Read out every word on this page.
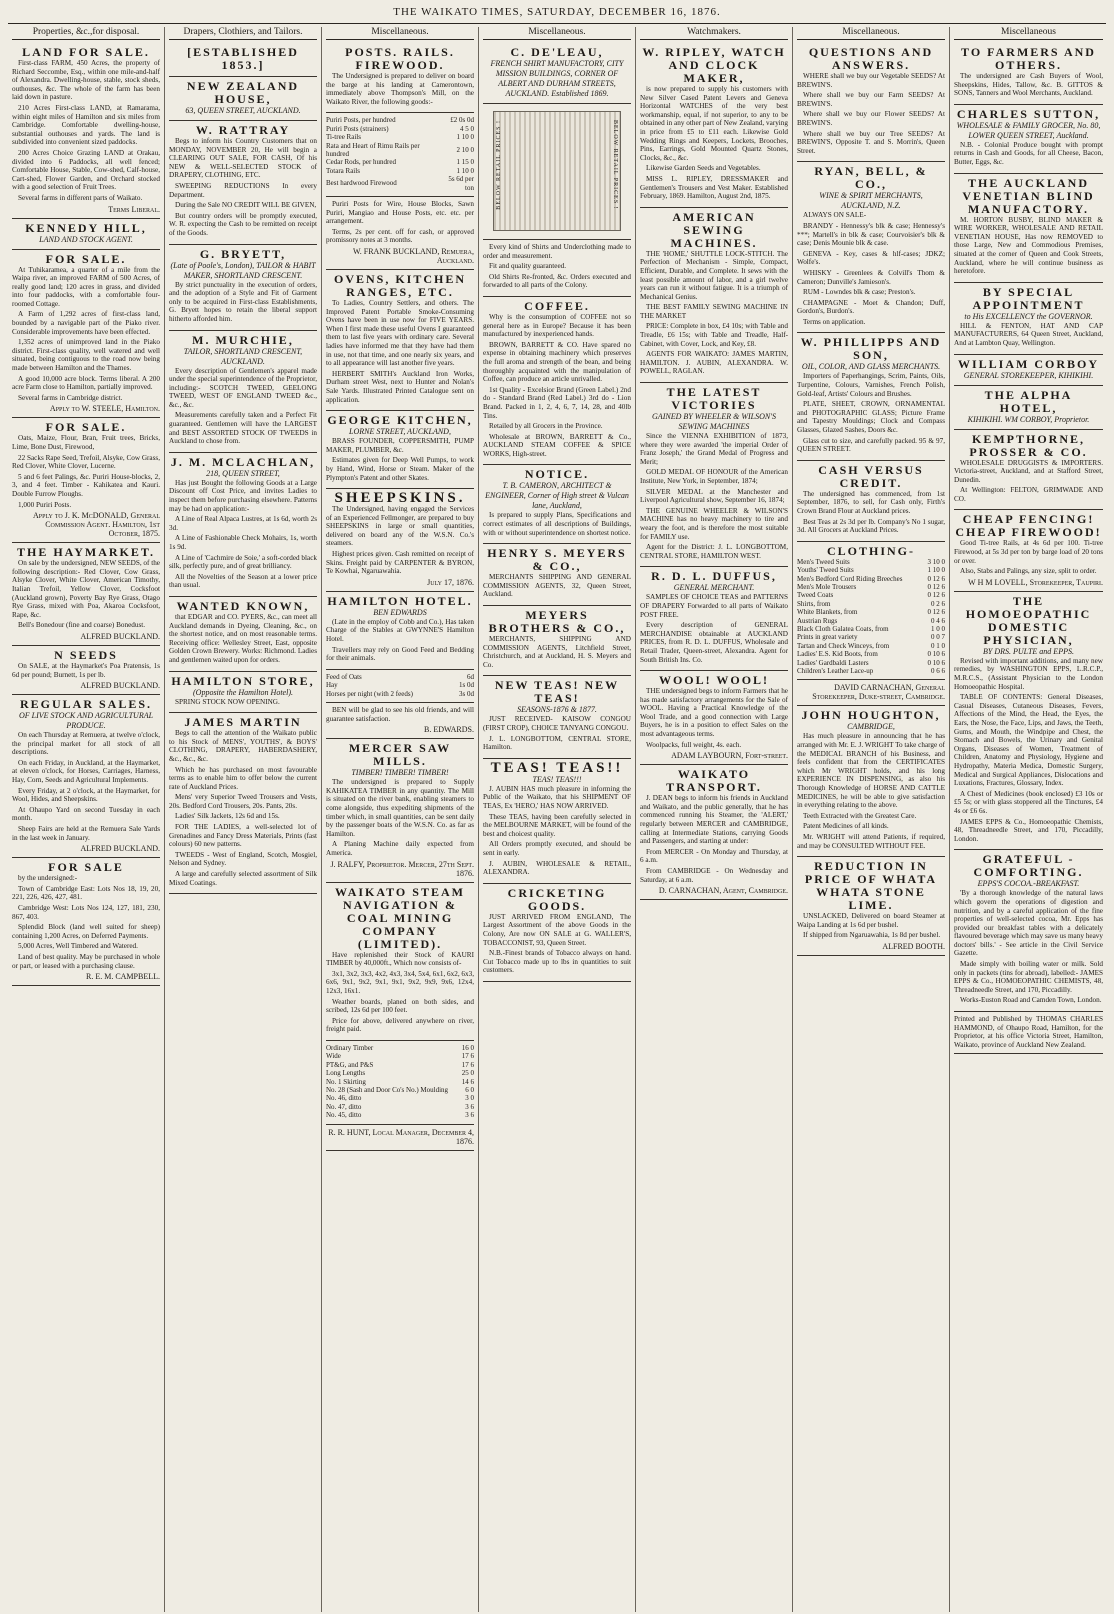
THE WAIKATO TIMES, SATURDAY, DECEMBER 16, 1876.
Properties, &c.,for disposal.
LAND FOR SALE.

First-class FARM, 450 Acres, the property of Richard Seccombe, Esq., within one mile-and-half of Alexandra. Dwelling-house, stable, stock sheds, outhouses, &c. The whole of the farm has been laid down in pasture.

210 Acres First-class LAND, at Ramarama, within eight miles of Hamilton and six miles from Cambridge. Comfortable dwelling-house, substantial outhouses and yards. The land is subdivided into convenient sized paddocks.

200 Acres Choice Grazing LAND at Orakau, divided into 6 Paddocks, all well fenced; Comfortable House, Stable, Cow-shed, Calf-house, Cart-shed, Flower Garden, and Orchard stocked with a good selection of Fruit Trees.

Several farms in different parts of Waikato.

Terms Liberal.
KENNEDY HILL,
LAND AND STOCK AGENT.
FOR SALE.

At Tuhikaramea, a quarter of a mile from the Waipa river, an improved FARM of 500 Acres, of really good land; 120 acres in grass, and divided into four paddocks, with a comfortable four-roomed Cottage.

A Farm of 1,292 acres of first-class land, bounded by a navigable part of the Piako river. Considerable improvements have been effected.

1,352 acres of unimproved land in the Piako district. First-class quality, well watered and well situated, being contiguous to the road now being made between Hamilton and the Thames.

A good 10,000 acre block. Terms liberal. A 200 acre Farm close to Hamilton, partially improved.

Several farms in Cambridge district.

Apply to W. STEELE, Hamilton.
FOR SALE.

Oats, Maize, Flour, Bran, Fruit trees, Bricks, Lime, Bone Dust, Firewood,

22 Sacks Rape Seed, Trefoil, Alsyke, Cow Grass, Red Clover, White Clover, Lucerne.

5 and 6 feet Palings, &c. Puriri House-blocks, 2, 3, and 4 feet. Timber - Kahikatea and Kauri. Double Furrow Ploughs.

1,000 Puriri Posts.

Apply to J. K. McDONALD, General Commission Agent. Hamilton, 1st October, 1875.
THE HAYMARKET.

On sale by the undersigned, NEW SEEDS, of the following description:- Red Clover, Cow Grass, Alsyke Clover, White Clover, American Timothy, Italian Trefoil, Yellow Clover, Cocksfoot (Auckland grown), Poverty Bay Rye Grass, Otago Rye Grass, mixed with Poa, Akaroa Cocksfoot, Rape, &c.

Bell's Bonedour (fine and coarse) Bonedust.

ALFRED BUCKLAND.
N SEEDS

On SALE, at the Haymarket's Poa Pratensis, 1s 6d per pound; Burnett, 1s per lb.

ALFRED BUCKLAND.
REGULAR SALES.
OF LIVE STOCK AND AGRICULTURAL PRODUCE.

On each Thursday at Remuera, at twelve o'clock, the principal market for all stock of all descriptions.

On each Friday, in Auckland, at the Haymarket, at eleven o'clock, for Horses, Carriages, Harness, Hay, Corn, Seeds and Agricultural Implements.

Every Friday, at 2 o'clock, at the Haymarket, for Wool, Hides, and Sheepskins.

At Ohaupo Yard on second Tuesday in each month.

Sheep Fairs are held at the Remuera Sale Yards in the last week in January.

ALFRED BUCKLAND.
FOR SALE

by the undersigned:-

Town of Cambridge East: Lots Nos 18, 19, 20, 221, 226, 426, 427, 481.

Cambridge West: Lots Nos 124, 127, 181, 230, 867, 403.

Splendid Block (land well suited for sheep) containing 1,200 Acres, on Deferred Payments.

5,000 Acres, Well Timbered and Watered.

Land of best quality. May be purchased in whole or part, or leased with a purchasing clause.

R. E. M. CAMPBELL.
Drapers, Clothiers, and Tailors.
[ESTABLISHED 1853.]
NEW ZEALAND HOUSE,
63, QUEEN STREET, AUCKLAND.
W. RATTRAY

Begs to inform his Country Customers that on MONDAY, NOVEMBER 20, He will begin a CLEARING OUT SALE, FOR CASH, Of his NEW & WELL-SELECTED STOCK of DRAPERY, CLOTHING, ETC.

SWEEPING REDUCTIONS In every Department.

During the Sale NO CREDIT WILL BE GIVEN,

But country orders will be promptly executed, W. R. expecting the Cash to be remitted on receipt of the Goods.

G. BRYETT,
(Late of Poole's, London), TAILOR & HABIT MAKER, SHORTLAND CRESCENT.

By strict punctuality in the execution of orders, and the adoption of a Style and Fit of Garment only to be acquired in First-class Establishments, G. Bryett hopes to retain the liberal support hitherto afforded him.

M. MURCHIE,
TAILOR, SHORTLAND CRESCENT, AUCKLAND.

Every description of Gentlemen's apparel made under the special superintendence of the Proprietor, including:- SCOTCH TWEED, GEELONG TWEED, WEST OF ENGLAND TWEED &c., &c., &c.

Measurements carefully taken and a Perfect Fit guaranteed. Gentlemen will have the LARGEST and BEST ASSORTED STOCK OF TWEEDS in Auckland to chose from.

J. M. MCLACHLAN,
218, QUEEN STREET,

Has just Bought the following Goods at a Large Discount off Cost Price, and invites Ladies to inspect them before purchasing elsewhere. Patterns may be had on application:-

A Line of Real Alpaca Lustres, at 1s 6d, worth 2s 3d.

A Line of Fashionable Check Mohairs, 1s, worth 1s 9d.

A Line of 'Cachmire de Soie,' a soft-corded black silk, perfectly pure, and of great brilliancy.

All the Novelties of the Season at a lower price than usual.

WANTED KNOWN,

that EDGAR and CO. PYERS, &c., can meet all Auckland demands in Dyeing, Cleaning, &c., on the shortest notice, and on most reasonable terms. Receiving office: Wellesley Street, East, opposite Golden Crown Brewery. Works: Richmond. Ladies and gentlemen waited upon for orders.

HAMILTON STORE,
(Opposite the Hamilton Hotel).

SPRING STOCK NOW OPENING.

JAMES MARTIN

Begs to call the attention of the Waikato public to his Stock of MENS', YOUTHS', & BOYS' CLOTHING, DRAPERY, HABERDASHERY, &c., &c., &c.

Which he has purchased on most favourable terms as to enable him to offer below the current rate of Auckland Prices.

Mens' very Superior Tweed Trousers and Vests, 20s. Bedford Cord Trousers, 20s. Pants, 20s.

Ladies' Silk Jackets, 12s 6d and 15s.

FOR THE LADIES, a well-selected lot of Grenadines and Fancy Dress Materials, Prints (fast colours) 60 new patterns.

TWEEDS - West of England, Scotch, Mosgiel, Nelson and Sydney.

A large and carefully selected assortment of Silk Mixed Coatings.

Miscellaneous.
POSTS. RAILS. FIREWOOD.

The Undersigned is prepared to deliver on board the barge at his landing at Camerontown, immediately above Thompson's Mill, on the Waikato River, the following goods:-

Puriri Posts, per hundred	£2 0s 0d
Puriri Posts (strainers)	4 5 0
Ti-tree Rails	1 10 0
Rata and Heart of Rimu Rails per hundred	2 10 0
Cedar Rods, per hundred	1 15 0
Totara Rails	1 10 0
Best hardwood Firewood	5s 6d per ton

Puriri Posts for Wire, House Blocks, Sawn Puriri, Mangiao and House Posts, etc. etc. per arrangement.

Terms, 2s per cent. off for cash, or approved promissory notes at 3 months.

W. FRANK BUCKLAND, Remuera, Auckland.
OVENS, KITCHEN RANGES, ETC.

To Ladies, Country Settlers, and others. The Improved Patent Portable Smoke-Consuming Ovens have been in use now for FIVE YEARS. When I first made these useful Ovens I guaranteed them to last five years with ordinary care. Several ladies have informed me that they have had them in use, not that time, and one nearly six years, and to all appearance will last another five years.

HERBERT SMITH's Auckland Iron Works, Durham street West, next to Hunter and Nolan's Sale Yards. Illustrated Printed Catalogue sent on application.

GEORGE KITCHEN,
LORNE STREET, AUCKLAND,

BRASS FOUNDER, COPPERSMITH, PUMP MAKER, PLUMBER, &c.

Estimates given for Deep Well Pumps, to work by Hand, Wind, Horse or Steam. Maker of the Plympton's Patent and other Skates.

SHEEPSKINS.

The Undersigned, having engaged the Services of an Experienced Fellmonger, are prepared to buy SHEEPSKINS in large or small quantities, delivered on board any of the W.S.N. Co.'s steamers.

Highest prices given. Cash remitted on receipt of Skins. Freight paid by CARPENTER & BYRON, Te Kowhai, Ngaruawahia.

July 17, 1876.
HAMILTON HOTEL.
BEN EDWARDS

(Late in the employ of Cobb and Co.), Has taken Charge of the Stables at GWYNNE'S Hamilton Hotel.

Travellers may rely on Good Feed and Bedding for their animals.

Feed of Oats	6d
Hay	1s 0d
Horses per night (with 2 feeds)	3s 0d

BEN will be glad to see his old friends, and will guarantee satisfaction.

B. EDWARDS.
MERCER SAW MILLS.
TIMBER! TIMBER! TIMBER!

The undersigned is prepared to Supply KAHIKATEA TIMBER in any quantity. The Mill is situated on the river bank, enabling steamers to come alongside, thus expediting shipments of the timber which, in small quantities, can be sent daily by the passenger boats of the W.S.N. Co. as far as Hamilton.

A Planing Machine daily expected from America.

J. RALFY, Proprietor. Mercer, 27th Sept. 1876.
WAIKATO STEAM NAVIGATION & COAL MINING COMPANY (LIMITED).

Have replenished their Stock of KAURI TIMBER by 40,000ft., Which now consists of-

3x1, 3x2, 3x3, 4x2, 4x3, 3x4, 5x4, 6x1, 6x2, 6x3, 6x6, 9x1, 9x2, 9x1, 9x1, 9x2, 9x9, 9x6, 12x4, 12x3, 16x1.

Weather boards, planed on both sides, and scribed, 12s 6d per 100 feet.

Price for above, delivered anywhere on river, freight paid.

Ordinary Timber	16 0
Wide	17 6
PT&G, and P&S	17 6
Long Lengths	25 0
No. 1 Skirting	14 6
No. 28 (Sash and Door Co's No.) Moulding	6 0
No. 46, ditto	3 0
No. 47, ditto	3 6
No. 45, ditto	3 6
R. R. HUNT, Local Manager, December 4, 1876.
Miscellaneous.
C. DE'LEAU,
FRENCH SHIRT MANUFACTORY, CITY MISSION BUILDINGS, CORNER OF ALBERT AND DURHAM STREETS, AUCKLAND. Established 1869.
BELOW RETAIL PRICES !	BELOW RETAIL PRICES !

Every kind of Shirts and Underclothing made to order and measurement.

Fit and quality guaranteed.

Old Shirts Re-fronted, &c. Orders executed and forwarded to all parts of the Colony.

COFFEE.

Why is the consumption of COFFEE not so general here as in Europe? Because it has been manufactured by inexperienced hands.

BROWN, BARRETT & CO. Have spared no expense in obtaining machinery which preserves the full aroma and strength of the bean, and being thoroughly acquainted with the manipulation of Coffee, can produce an article unrivalled.

1st Quality - Excelsior Brand (Green Label.) 2nd do - Standard Brand (Red Label.) 3rd do - Lion Brand. Packed in 1, 2, 4, 6, 7, 14, 28, and 40lb Tins.

Retailed by all Grocers in the Province.

Wholesale at BROWN, BARRETT & Co., AUCKLAND STEAM COFFEE & SPICE WORKS, High-street.

NOTICE.
T. B. CAMERON, ARCHITECT & ENGINEER, Corner of High street & Vulcan lane, Auckland,

Is prepared to supply Plans, Specifications and correct estimates of all descriptions of Buildings, with or without superintendence on shortest notice.

HENRY S. MEYERS & CO.,

MERCHANTS SHIPPING AND GENERAL COMMISSION AGENTS, 32, Queen Street, Auckland.

MEYERS BROTHERS & CO.,

MERCHANTS, SHIPPING AND COMMISSION AGENTS, Litchfield Street, Christchurch, and at Auckland, H. S. Meyers and Co.

NEW TEAS! NEW TEAS!
SEASONS-1876 & 1877.

JUST RECEIVED- KAISOW CONGOU (FIRST CROP), CHOICE TANYANG CONGOU.

J. L. LONGBOTTOM, CENTRAL STORE, Hamilton.

TEAS! TEAS!!
TEAS! TEAS!!!

J. AUBIN HAS much pleasure in informing the Public of the Waikato, that his SHIPMENT OF TEAS, Ex 'HERO,' HAS NOW ARRIVED.

These TEAS, having been carefully selected in the MELBOURNE MARKET, will be found of the best and choicest quality.

All Orders promptly executed, and should be sent in early.

J. AUBIN, WHOLESALE & RETAIL, ALEXANDRA.

CRICKETING GOODS.

JUST ARRIVED FROM ENGLAND, The Largest Assortment of the above Goods in the Colony, Are now ON SALE at G. WALLER'S, TOBACCONIST, 93, Queen Street.

N.B.-Finest brands of Tobacco always on hand. Cut Tobacco made up to lbs in quantities to suit customers.

Watchmakers.
W. RIPLEY, WATCH AND CLOCK MAKER,

is now prepared to supply his customers with New Silver Cased Patent Levers and Geneva Horizontal WATCHES of the very best workmanship, equal, if not superior, to any to be obtained in any other part of New Zealand, varying in price from £5 to £11 each. Likewise Gold Wedding Rings and Keepers, Lockets, Brooches, Pins, Earrings, Gold Mounted Quartz Stones, Clocks, &c., &c.

Likewise Garden Seeds and Vegetables.

MISS L. RIPLEY, DRESSMAKER and Gentlemen's Trousers and Vest Maker. Established February, 1869. Hamilton, August 2nd, 1875.

AMERICAN SEWING MACHINES.

THE 'HOME,' SHUTTLE LOCK-STITCH. The Perfection of Mechanism - Simple, Compact, Efficient, Durable, and Complete. It sews with the least possible amount of labor, and a girl twelve years can run it without fatigue. It is a triumph of Mechanical Genius.

THE BEST FAMILY SEWING MACHINE IN THE MARKET

PRICE: Complete in box, £4 10s; with Table and Treadle, £6 15s; with Table and Treadle, Half-Cabinet, with Cover, Lock, and Key, £8.

AGENTS FOR WAIKATO: JAMES MARTIN, HAMILTON. J. AUBIN, ALEXANDRA. W. POWELL, RAGLAN.

THE LATEST VICTORIES
GAINED BY WHEELER & WILSON'S SEWING MACHINES

Since the VIENNA EXHIBITION of 1873, where they were awarded 'the imperial Order of Franz Joseph,' the Grand Medal of Progress and Merit;

GOLD MEDAL OF HONOUR of the American Institute, New York, in September, 1874;

SILVER MEDAL at the Manchester and Liverpool Agricultural show, September 16, 1874;

THE GENUINE WHEELER & WILSON'S MACHINE has no heavy machinery to tire and weary the foot, and is therefore the most suitable for FAMILY use.

Agent for the District: J. L. LONGBOTTOM, CENTRAL STORE, HAMILTON WEST.

R. D. L. DUFFUS,
GENERAL MERCHANT.

SAMPLES OF CHOICE TEAS and PATTERNS OF DRAPERY Forwarded to all parts of Waikato POST FREE.

Every description of GENERAL MERCHANDISE obtainable at AUCKLAND PRICES, from R. D. L. DUFFUS, Wholesale and Retail Trader, Queen-street, Alexandra. Agent for South British Ins. Co.

WOOL! WOOL!

THE undersigned begs to inform Farmers that he has made satisfactory arrangements for the Sale of WOOL. Having a Practical Knowledge of the Wool Trade, and a good connection with Large Buyers, he is in a position to effect Sales on the most advantageous terms.

Woolpacks, full weight, 4s. each.

ADAM LAYBOURN, Fort-street.
WAIKATO TRANSPORT.

J. DEAN begs to inform his friends in Auckland and Waikato, and the public generally, that he has commenced running his Steamer, the 'ALERT,' regularly between MERCER and CAMBRIDGE, calling at Intermediate Stations, carrying Goods and Passengers, and starting at under:

From MERCER - On Monday and Thursday, at 6 a.m.

From CAMBRIDGE - On Wednesday and Saturday, at 6 a.m.

D. CARNACHAN, Agent, Cambridge.
Miscellaneous.
QUESTIONS AND ANSWERS.

WHERE shall we buy our Vegetable SEEDS? At BREWIN'S.

Where shall we buy our Farm SEEDS? At BREWIN'S.

Where shall we buy our Flower SEEDS? At BREWIN'S.

Where shall we buy our Tree SEEDS? At BREWIN'S, Opposite T. and S. Morrin's, Queen Street.

RYAN, BELL, & CO.,
WINE & SPIRIT MERCHANTS, AUCKLAND, N.Z.

ALWAYS ON SALE-

BRANDY - Hennessy's blk & case; Hennessy's ***; Martell's in blk & case; Courvoisier's blk & case; Denis Mounie blk & case.

GENEVA - Key, cases & hlf-cases; JDKZ; Wolfe's.

WHISKY - Greenlees & Colvill's Thom & Cameron; Dunville's Jamieson's.

RUM - Lowndes blk & case; Preston's.

CHAMPAGNE - Moet & Chandon; Duff, Gordon's, Burdon's.

Terms on application.

W. PHILLIPPS AND SON,
OIL, COLOR, AND GLASS MERCHANTS.

Importers of Paperhangings, Scrim, Paints, Oils, Turpentine, Colours, Varnishes, French Polish, Gold-leaf, Artists' Colours and Brushes.

PLATE, SHEET, CROWN, ORNAMENTAL and PHOTOGRAPHIC GLASS; Picture Frame and Tapestry Mouldings; Clock and Compass Glasses, Glazed Sashes, Doors &c.

Glass cut to size, and carefully packed. 95 & 97, QUEEN STREET.

CASH VERSUS CREDIT.

The undersigned has commenced, from 1st September, 1876, to sell, for Cash only, Firth's Crown Brand Flour at Auckland prices.

Best Teas at 2s 3d per lb. Company's No 1 sugar, 3d. All Grocers at Auckland Prices.

CLOTHING-
Men's Tweed Suits	3 10 0
Youths' Tweed Suits	1 10 0
Men's Bedford Cord Riding Breeches	0 12 6
Men's Mole Trousers	0 12 6
Tweed Coats	0 12 6
Shirts, from	0 2 6
White Blankets, from	0 12 6
Austrian Rugs	0 4 6
Black Cloth Galatea Coats, from	1 0 0
Prints in great variety	0 0 7
Tartan and Check Winceys, from	0 1 0
Ladies' E.S. Kid Boots, from	0 10 6
Ladies' Gardbaldi Lasters	0 10 6
Children's Leather Lace-up	0 6 6
DAVID CARNACHAN, General Storekeeper, Duke-street, Cambridge.
JOHN HOUGHTON,
CAMBRIDGE,

Has much pleasure in announcing that he has arranged with Mr. E. J. WRIGHT To take charge of the MEDICAL BRANCH of his Business, and feels confident that from the CERTIFICATES which Mr WRIGHT holds, and his long EXPERIENCE IN DISPENSING, as also his Thorough Knowledge of HORSE AND CATTLE MEDICINES, he will be able to give satisfaction in everything relating to the above.

Teeth Extracted with the Greatest Care.

Patent Medicines of all kinds.

Mr. WRIGHT will attend Patients, if required, and may be CONSULTED WITHOUT FEE.

REDUCTION IN PRICE OF WHATA WHATA STONE LIME.

UNSLACKED, Delivered on board Steamer at Waipa Landing at 1s 6d per bushel.

If shipped from Ngaruawahia, 1s 8d per bushel.

ALFRED BOOTH.
Miscellaneous
TO FARMERS AND OTHERS.

The undersigned are Cash Buyers of Wool, Sheepskins, Hides, Tallow, &c. B. GITTOS & SONS, Tanners and Wool Merchants, Auckland.

CHARLES SUTTON,
WHOLESALE & FAMILY GROCER, No. 80, LOWER QUEEN STREET, Auckland.

N.B. - Colonial Produce bought with prompt returns in Cash and Goods, for all Cheese, Bacon, Butter, Eggs, &c.

THE AUCKLAND VENETIAN BLIND MANUFACTORY.

M. HORTON BUSBY, BLIND MAKER & WIRE WORKER, WHOLESALE AND RETAIL VENETIAN HOUSE, Has now REMOVED to those Large, New and Commodious Premises, situated at the corner of Queen and Cook Streets, Auckland, where he will continue business as heretofore.

BY SPECIAL APPOINTMENT
to His EXCELLENCY the GOVERNOR.

HILL & FENTON, HAT AND CAP MANUFACTURERS, 64 Queen Street, Auckland, And at Lambton Quay, Wellington.

WILLIAM CORBOY
GENERAL STOREKEEPER, KIHIKIHI.
THE ALPHA HOTEL,
KIHIKIHI. WM CORBOY, Proprietor.
KEMPTHORNE, PROSSER & CO.

WHOLESALE DRUGGISTS & IMPORTERS. Victoria-street, Auckland, and at Stafford Street, Dunedin.

At Wellington: FELTON, GRIMWADE AND CO.

CHEAP FENCING! CHEAP FIREWOOD!

Good Ti-tree Rails, at 4s 6d per 100. Ti-tree Firewood, at 5s 3d per ton by barge load of 20 tons or over.

Also, Stabs and Palings, any size, split to order.

W H M LOVELL, Storekeeper, Taupiri.
THE HOMOEOPATHIC DOMESTIC PHYSICIAN,
BY DRS. PULTE and EPPS.

Revised with important additions, and many new remedies, by WASHINGTON EPPS, L.R.C.P., M.R.C.S., (Assistant Physician to the London Homoeopathic Hospital.

TABLE OF CONTENTS: General Diseases, Casual Diseases, Cutaneous Diseases, Fevers, Affections of the Mind, the Head, the Eyes, the Ears, the Nose, the Face, Lips, and Jaws, the Teeth, Gums, and Mouth, the Windpipe and Chest, the Stomach and Bowels, the Urinary and Genital Organs, Diseases of Women, Treatment of Children, Anatomy and Physiology, Hygiene and Hydropathy, Materia Medica, Domestic Surgery, Medical and Surgical Appliances, Dislocations and Luxations, Fractures, Glossary, Index.

A Chest of Medicines (book enclosed) £3 10s or £5 5s; or with glass stoppered all the Tinctures, £4 4s or £6 6s.

JAMES EPPS & Co., Homoeopathic Chemists, 48, Threadneedle Street, and 170, Piccadilly, London.

GRATEFUL - COMFORTING.
EPPS'S COCOA.-BREAKFAST.

'By a thorough knowledge of the natural laws which govern the operations of digestion and nutrition, and by a careful application of the fine properties of well-selected cocoa, Mr. Epps has provided our breakfast tables with a delicately flavoured beverage which may save us many heavy doctors' bills.' - See article in the Civil Service Gazette.

Made simply with boiling water or milk. Sold only in packets (tins for abroad), labelled:- JAMES EPPS & Co., HOMOEOPATHIC CHEMISTS, 48, Threadneedle Street, and 170, Piccadilly.

Works-Euston Road and Camden Town, London.

Printed and Published by THOMAS CHARLES HAMMOND, of Ohaupo Road, Hamilton, for the Proprietor, at his office Victoria Street, Hamilton, Waikato, province of Auckland New Zealand.
